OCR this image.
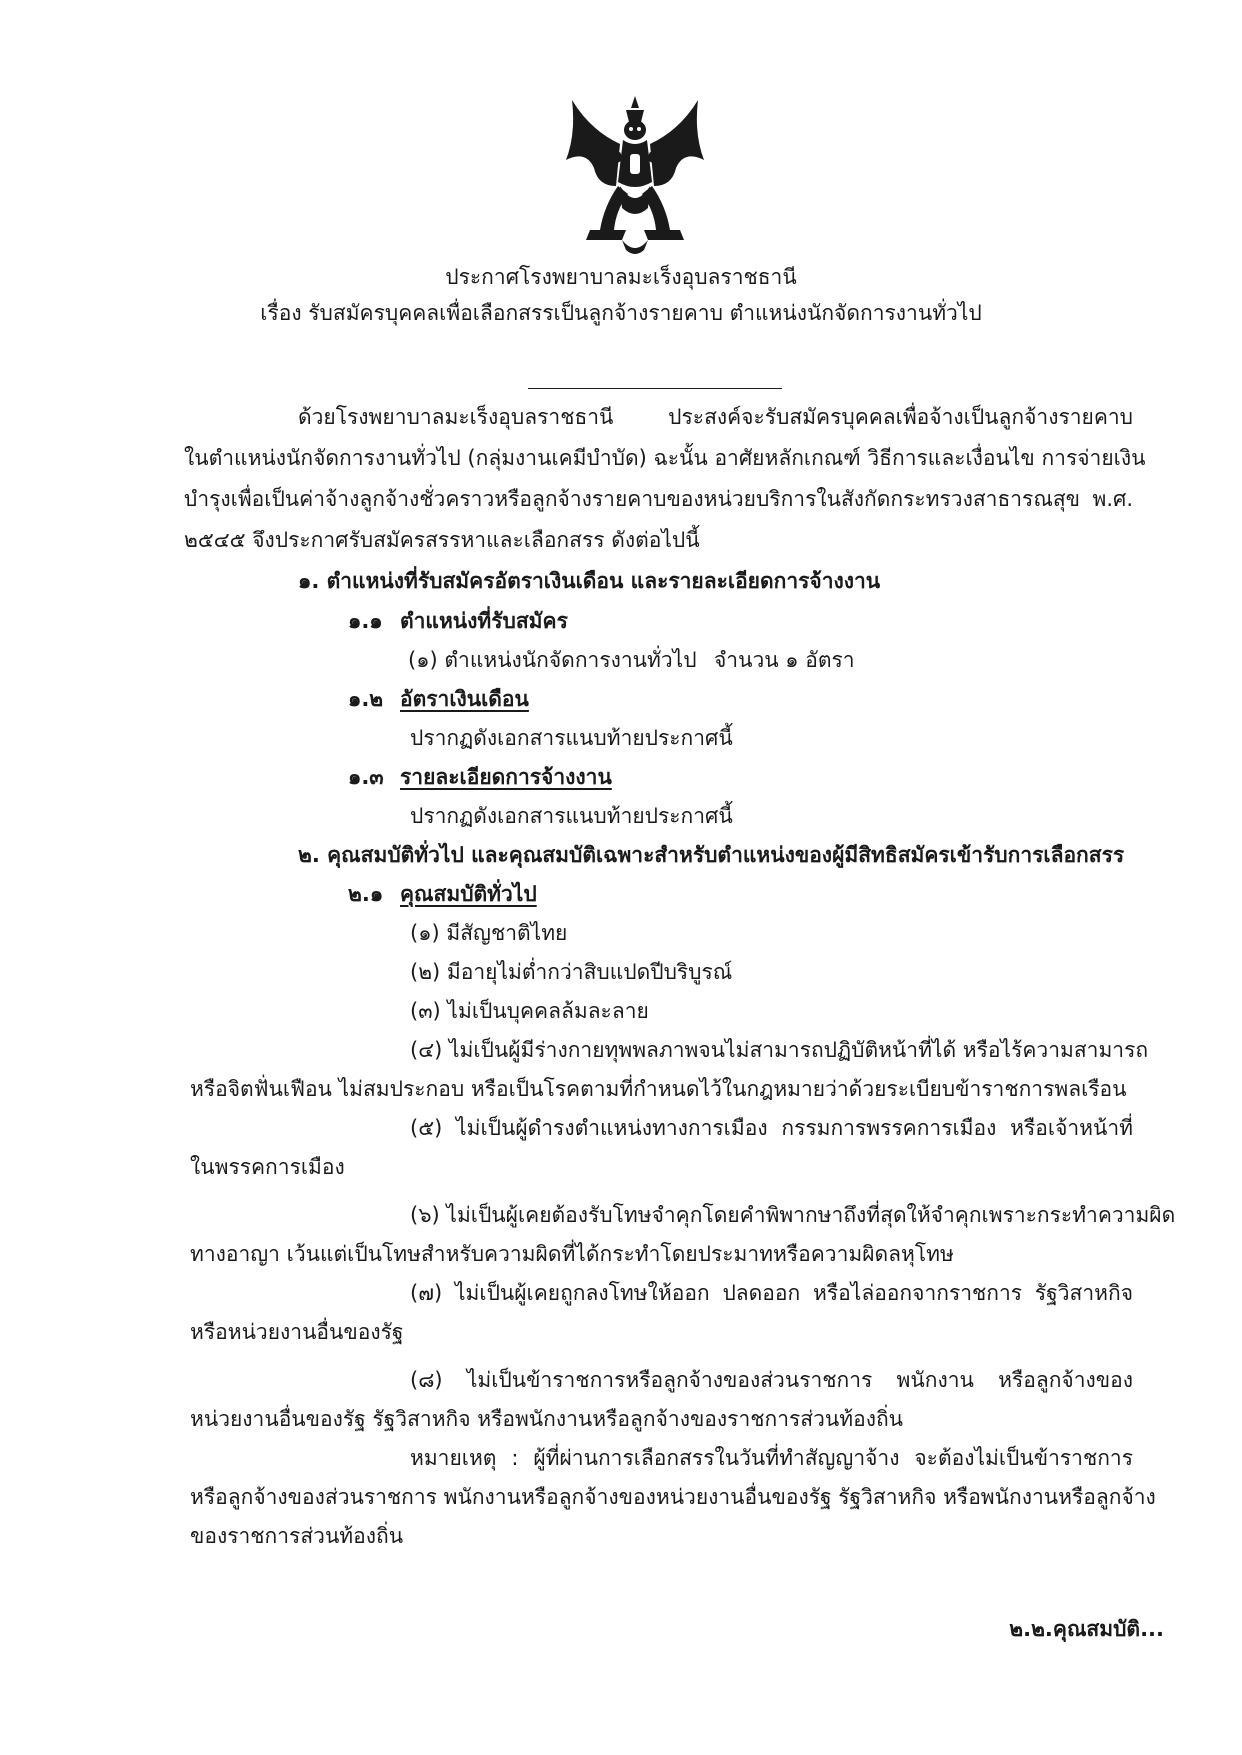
ประกาศโรงพยาบาลมะเร็งอุบลราชธานี
เรื่อง รับสมัครบุคคลเพื่อเลือกสรรเป็นลูกจ้างรายคาบ ตำแหน่งนักจัดการงานทั่วไป
ด้วยโรงพยาบาลมะเร็งอุบลราชธานี ประสงค์จะรับสมัครบุคคลเพื่อจ้างเป็นลูกจ้างรายคาบ
ในตำแหน่งนักจัดการงานทั่วไป (กลุ่มงานเคมีบำบัด) ฉะนั้น อาศัยหลักเกณฑ์ วิธีการและเงื่อนไข การจ่ายเงิน
บำรุงเพื่อเป็นค่าจ้างลูกจ้างชั่วคราวหรือลูกจ้างรายคาบของหน่วยบริการในสังกัดกระทรวงสาธารณสุข พ.ศ.
๒๕๔๕ จึงประกาศรับสมัครสรรหาและเลือกสรร ดังต่อไปนี้
๑. ตำแหน่งที่รับสมัครอัตราเงินเดือน และรายละเอียดการจ้างงาน
๑.๑ ตำแหน่งที่รับสมัคร
(๑) ตำแหน่งนักจัดการงานทั่วไป จำนวน ๑ อัตรา
๑.๒ อัตราเงินเดือน
ปรากฏดังเอกสารแนบท้ายประกาศนี้
๑.๓ รายละเอียดการจ้างงาน
ปรากฏดังเอกสารแนบท้ายประกาศนี้
๒. คุณสมบัติทั่วไป และคุณสมบัติเฉพาะสำหรับตำแหน่งของผู้มีสิทธิสมัครเข้ารับการเลือกสรร
๒.๑ คุณสมบัติทั่วไป
(๑) มีสัญชาติไทย
(๒) มีอายุไม่ต่ำกว่าสิบแปดปีบริบูรณ์
(๓) ไม่เป็นบุคคลล้มละลาย
(๔) ไม่เป็นผู้มีร่างกายทุพพลภาพจนไม่สามารถปฏิบัติหน้าที่ได้ หรือไร้ความสามารถ
หรือจิตฟั่นเฟือน ไม่สมประกอบ หรือเป็นโรคตามที่กำหนดไว้ในกฎหมายว่าด้วยระเบียบข้าราชการพลเรือน
(๕) ไม่เป็นผู้ดำรงตำแหน่งทางการเมือง กรรมการพรรคการเมือง หรือเจ้าหน้าที่
ในพรรคการเมือง
(๖) ไม่เป็นผู้เคยต้องรับโทษจำคุกโดยคำพิพากษาถึงที่สุดให้จำคุกเพราะกระทำความผิด
ทางอาญา เว้นแต่เป็นโทษสำหรับความผิดที่ได้กระทำโดยประมาทหรือความผิดลหุโทษ
(๗) ไม่เป็นผู้เคยถูกลงโทษให้ออก ปลดออก หรือไล่ออกจากราชการ รัฐวิสาหกิจ
หรือหน่วยงานอื่นของรัฐ
(๘) ไม่เป็นข้าราชการหรือลูกจ้างของส่วนราชการ พนักงาน หรือลูกจ้างของ
หน่วยงานอื่นของรัฐ รัฐวิสาหกิจ หรือพนักงานหรือลูกจ้างของราชการส่วนท้องถิ่น
หมายเหตุ : ผู้ที่ผ่านการเลือกสรรในวันที่ทำสัญญาจ้าง จะต้องไม่เป็นข้าราชการ
หรือลูกจ้างของส่วนราชการ พนักงานหรือลูกจ้างของหน่วยงานอื่นของรัฐ รัฐวิสาหกิจ หรือพนักงานหรือลูกจ้าง
ของราชการส่วนท้องถิ่น
๒.๒.คุณสมบัติ...
